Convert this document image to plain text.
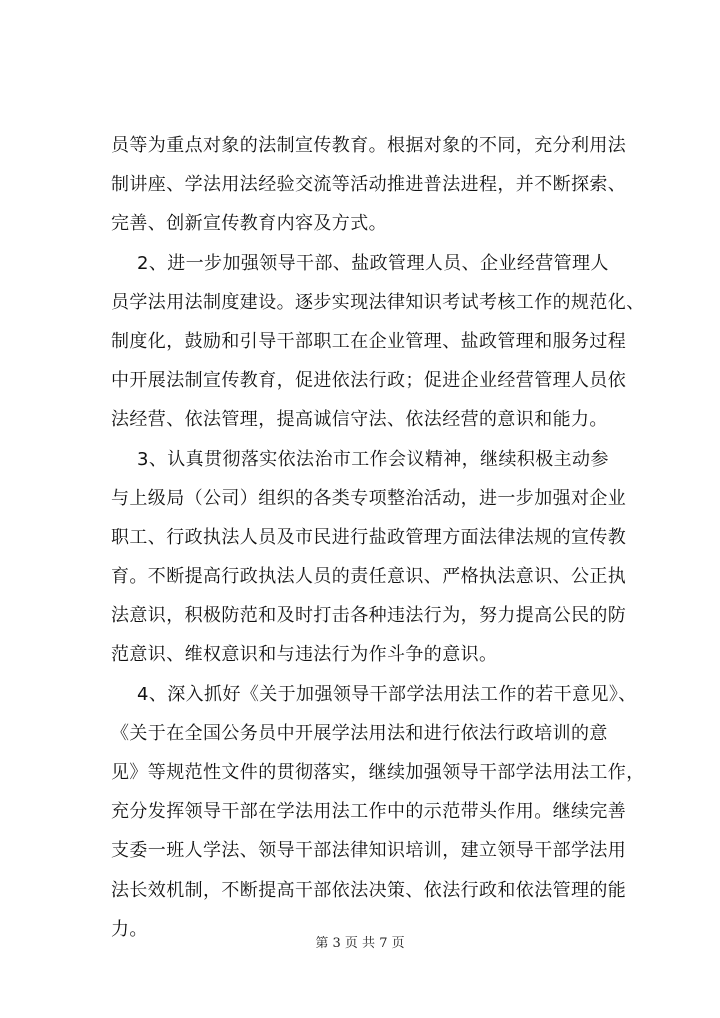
员等为重点对象的法制宣传教育。根据对象的不同，充分利用法
制讲座、学法用法经验交流等活动推进普法进程，并不断探索、
完善、创新宣传教育内容及方式。
2、进一步加强领导干部、盐政管理人员、企业经营管理人
员学法用法制度建设。逐步实现法律知识考试考核工作的规范化、
制度化，鼓励和引导干部职工在企业管理、盐政管理和服务过程
中开展法制宣传教育，促进依法行政；促进企业经营管理人员依
法经营、依法管理，提高诚信守法、依法经营的意识和能力。
3、认真贯彻落实依法治市工作会议精神，继续积极主动参
与上级局（公司）组织的各类专项整治活动，进一步加强对企业
职工、行政执法人员及市民进行盐政管理方面法律法规的宣传教
育。不断提高行政执法人员的责任意识、严格执法意识、公正执
法意识，积极防范和及时打击各种违法行为，努力提高公民的防
范意识、维权意识和与违法行为作斗争的意识。
4、深入抓好《关于加强领导干部学法用法工作的若干意见》、
《关于在全国公务员中开展学法用法和进行依法行政培训的意
见》等规范性文件的贯彻落实，继续加强领导干部学法用法工作，
充分发挥领导干部在学法用法工作中的示范带头作用。继续完善
支委一班人学法、领导干部法律知识培训，建立领导干部学法用
法长效机制，不断提高干部依法决策、依法行政和依法管理的能
力。
第 3 页 共 7 页
